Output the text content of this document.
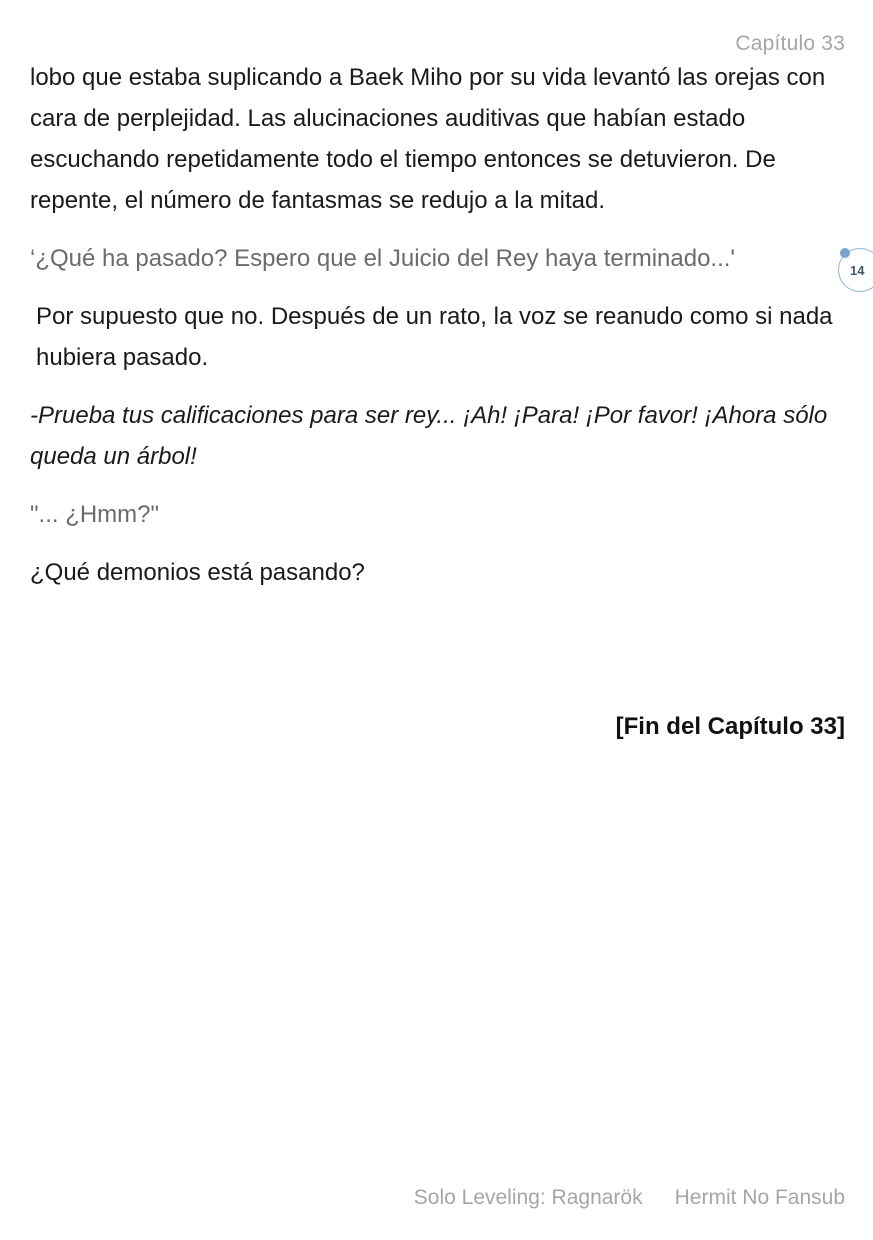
Capítulo 33
14

lobo que estaba suplicando a Baek Miho por su vida levantó las orejas con cara de perplejidad. Las alucinaciones auditivas que habían estado escuchando repetidamente todo el tiempo entonces se detuvieron. De repente, el número de fantasmas se redujo a la mitad.

‘¿Qué ha pasado? Espero que el Juicio del Rey haya terminado...'

Por supuesto que no. Después de un rato, la voz se reanudo como si nada hubiera pasado.

-Prueba tus calificaciones para ser rey... ¡Ah! ¡Para! ¡Por favor! ¡Ahora sólo queda un árbol!

"... ¿Hmm?"

¿Qué demonios está pasando?

[Fin del Capítulo 33]
Solo Leveling: Ragnarök Hermit No Fansub
